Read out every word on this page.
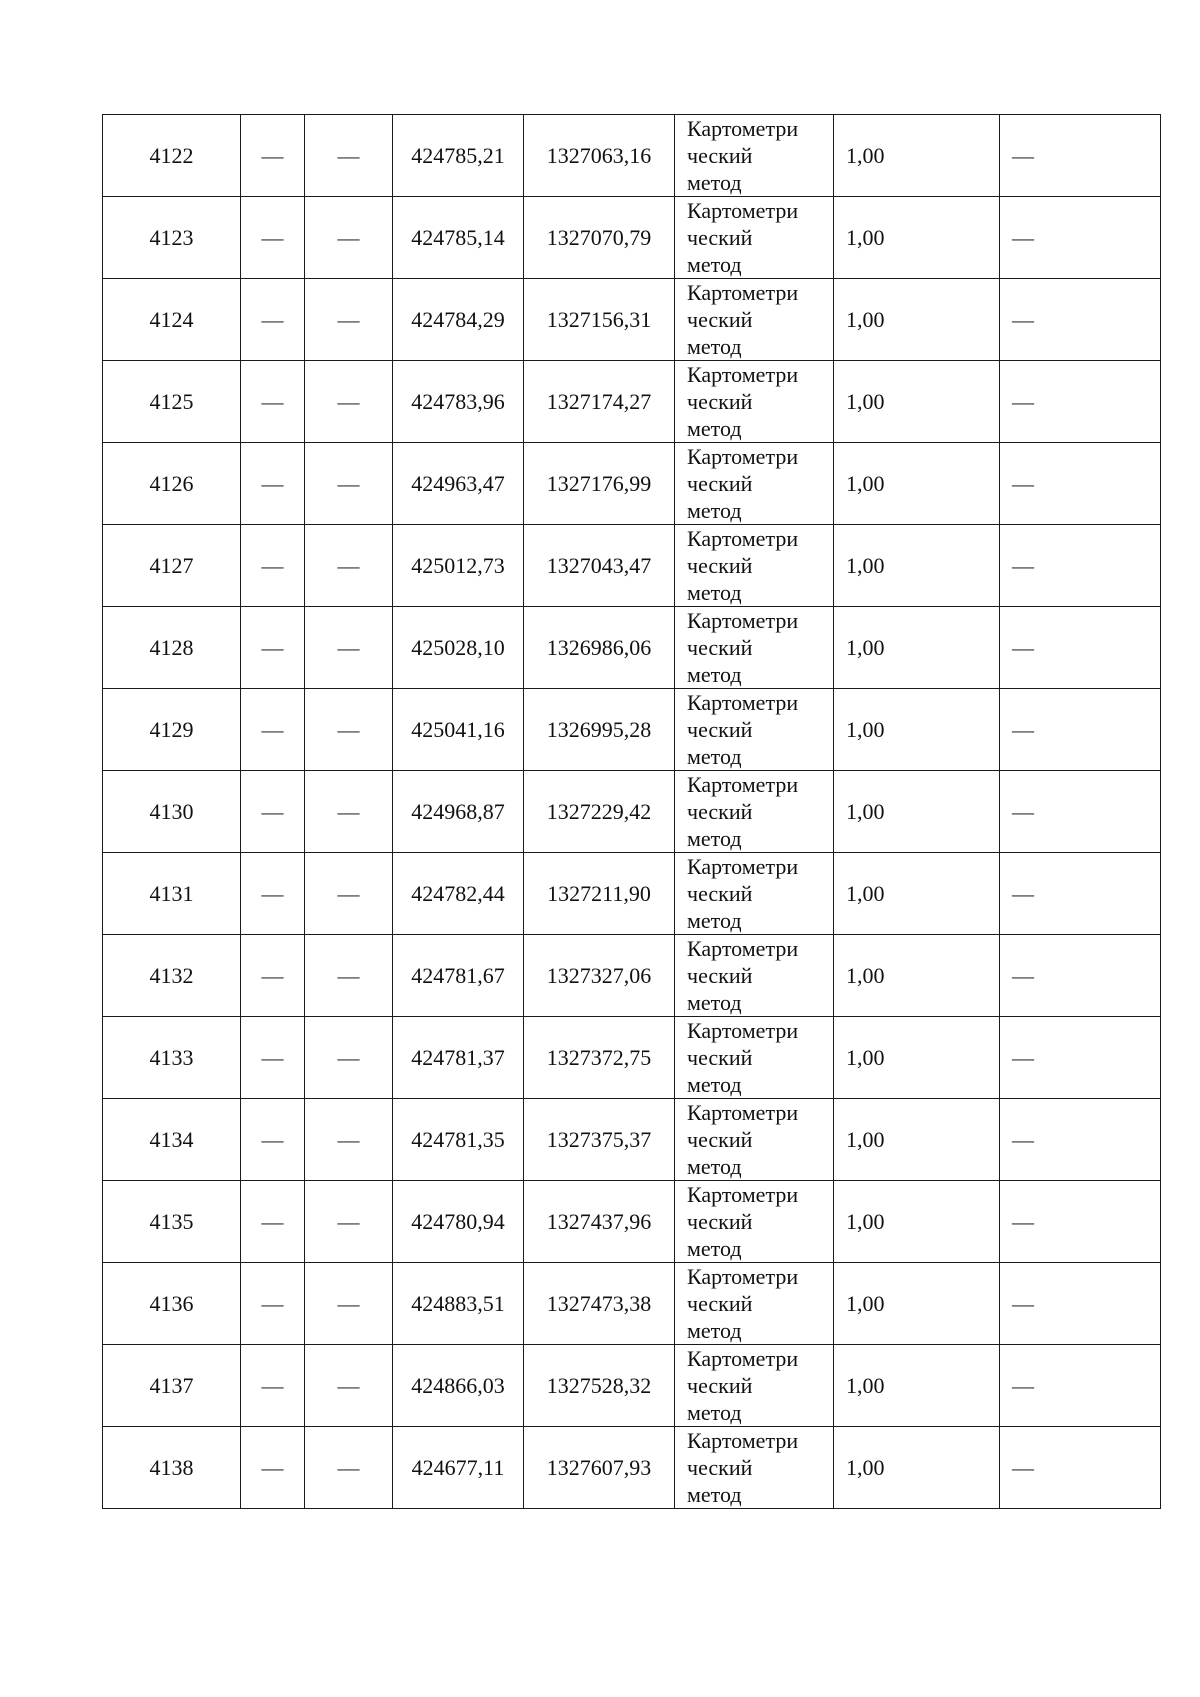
4122	—	—	424785,21	1327063,16	Картометри
ческий
метод	1,00	—
4123	—	—	424785,14	1327070,79	Картометри
ческий
метод	1,00	—
4124	—	—	424784,29	1327156,31	Картометри
ческий
метод	1,00	—
4125	—	—	424783,96	1327174,27	Картометри
ческий
метод	1,00	—
4126	—	—	424963,47	1327176,99	Картометри
ческий
метод	1,00	—
4127	—	—	425012,73	1327043,47	Картометри
ческий
метод	1,00	—
4128	—	—	425028,10	1326986,06	Картометри
ческий
метод	1,00	—
4129	—	—	425041,16	1326995,28	Картометри
ческий
метод	1,00	—
4130	—	—	424968,87	1327229,42	Картометри
ческий
метод	1,00	—
4131	—	—	424782,44	1327211,90	Картометри
ческий
метод	1,00	—
4132	—	—	424781,67	1327327,06	Картометри
ческий
метод	1,00	—
4133	—	—	424781,37	1327372,75	Картометри
ческий
метод	1,00	—
4134	—	—	424781,35	1327375,37	Картометри
ческий
метод	1,00	—
4135	—	—	424780,94	1327437,96	Картометри
ческий
метод	1,00	—
4136	—	—	424883,51	1327473,38	Картометри
ческий
метод	1,00	—
4137	—	—	424866,03	1327528,32	Картометри
ческий
метод	1,00	—
4138	—	—	424677,11	1327607,93	Картометри
ческий
метод	1,00	—
